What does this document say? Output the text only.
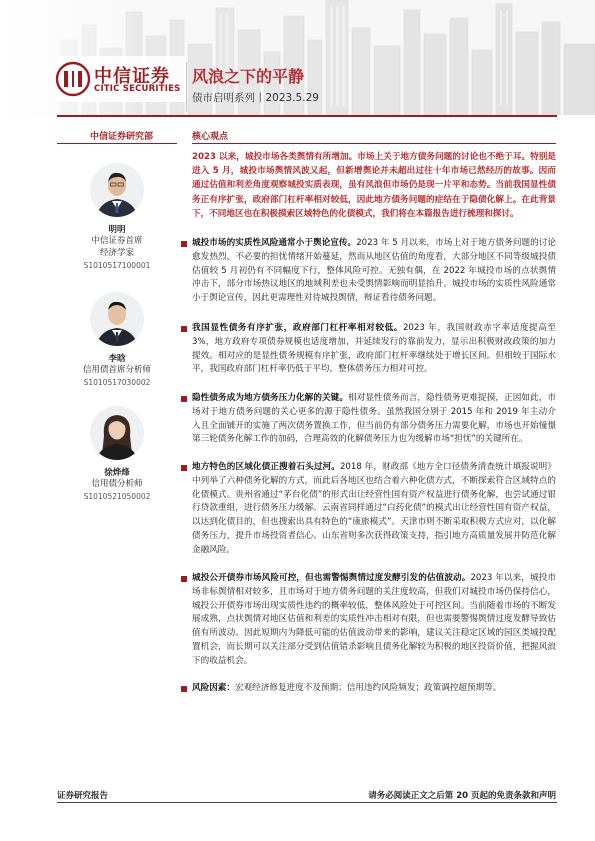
中信证券
CITIC SECURITIES
风浪之下的平静
债市启明系列丨2023.5.29
中信证券研究部	核心观点
明明
中信证券首席
经济学家
S1010517100001
李晗
信用债首席分析师
S1010517030002
徐烨烽
信用债分析师
S1010521050002
2023 以来，城投市场各类舆情有所增加。市场上关于地方债务问题的讨论也不绝于耳。特别是进入 5 月，城投市场舆情风波又起，但新增舆论并未超出过往十年市场已然经历的故事。因而通过估值和利差角度观察城投实质表现，虽有风浪但市场仍是现一片平和态势。当前我国显性债务正有序扩张，政府部门杠杆率相对较低，因此地方债务问题的症结在于隐债化解上。在此背景下，不同地区也在积极摸索区域特色的化债模式，我们将在本篇报告进行梳理和探讨。
城投市场的实质性风险通常小于舆论宣传。2023 年 5 月以来，市场上对于地方债务问题的讨论愈发热烈，不必要的担忧情绪开始蔓延，然而从地区估值的角度看，大部分地区不同等级城投债估值较 5 月初仍有不同幅度下行，整体风险可控。无独有偶，在 2022 年城投市场的点状舆情冲击下，部分市场热议地区的地域利差也未受舆情影响而明显抬升。城投市场的实质性风险通常小于舆论宣传，因此更需理性对待城投舆情，辩证看待债务问题。
我国显性债务有序扩张，政府部门杠杆率相对较低。2023 年，我国财政赤字率适度提高至 3%，地方政府专项债券规模也适度增加，并延续发行的靠前发力，显示出积极财政政策的加力提效。相对应的是显性债务规模有序扩张，政府部门杠杆率继续处于增长区间。但相较于国际水平，我国政府部门杠杆率仍低于平均，整体债务压力相对可控。
隐性债务成为地方债务压力化解的关键。相对显性债务而言，隐性债务更难捉摸，正因如此，市场对于地方债务问题的关心更多的源于隐性债务。虽然我国分别于 2015 年和 2019 年主动介入且全面铺开的实施了两次债务置换工作，但当前仍有部分债务压力需要化解，市场也开始憧憬第三轮债务化解工作的加码，合理高效的化解债务压力也为缓解市场“担忧”的关键所在。
地方特色的区域化债正搜着石头过河。2018 年，财政部《地方全口径债务清查统计填报说明》中列举了六种债务化解的方式，而此后各地区也结合着六种化债方式，不断探索符合区域特点的化债模式。贵州省通过“茅台化债”的形式出让经营性国有资产权益进行债务化解，也尝试通过银行贷款重组，进行债务压力缓解。云南省同样通过“白药化债”的模式出让经营性国有资产权益，以达到化债目的，但也搜索出具有特色的“康旅模式”。天津市则不断采取积极方式应对，以化解债务压力，提升市场投资者信心。山东省则多次获得政策支持，指引地方高质量发展并防范化解金融风险。
城投公开债券市场风险可控，但也需警惕舆情过度发酵引发的估值波动。2023 年以来，城投市场非标舆情相对较多，且市场对于地方债务问题的关注度较高，但我们对城投市场仍保持信心，城投公开债券市场出现实质性违约的概率较低，整体风险处于可控区间。当前随着市场的不断发展成熟，点状舆情对地区估值和利差的实质性冲击相对有限，但也需要警惕舆情过度发酵导致估值有所波动。因此短期内为降低可能的估值波动带来的影响，建议关注稳定区域的园区类城投配置机会，而长期可以关注部分受到估值错杀影响且债务化解较为积极的地区投资价值，把握风浪下的收益机会。
风险因素：宏观经济修复进度不及预期；信用违约风险频发；政策调控超预期等。
证券研究报告	请务必阅读正文之后第 20 页起的免责条款和声明
